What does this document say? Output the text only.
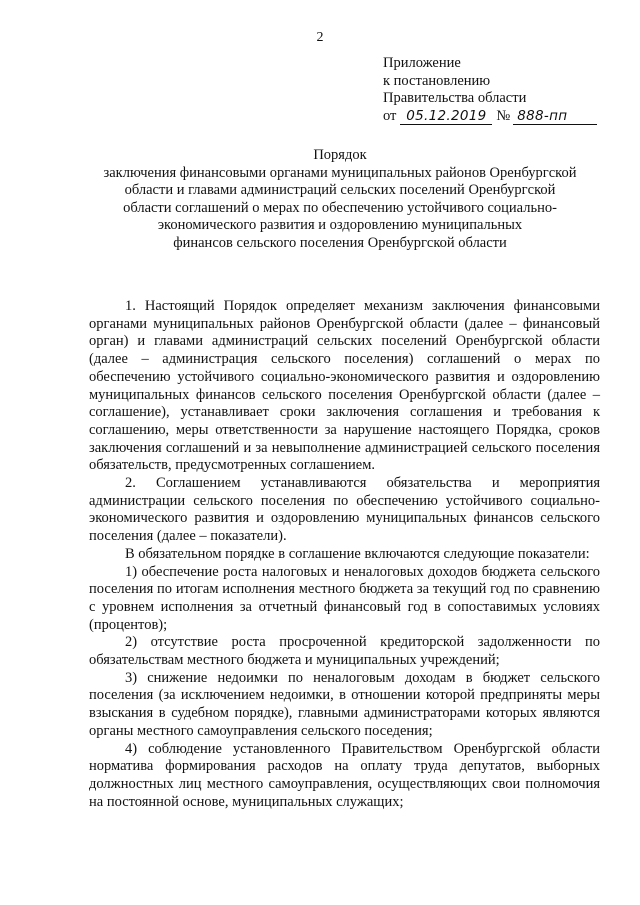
2
Приложение
к постановлению
Правительства области
от 05.12.2019 № 888-пп
Порядок
заключения финансовыми органами муниципальных районов Оренбургской
области и главами администраций сельских поселений Оренбургской
области соглашений о мерах по обеспечению устойчивого социально-
экономического развития и оздоровлению муниципальных
финансов сельского поселения Оренбургской области

1. Настоящий Порядок определяет механизм заключения финансовыми органами муниципальных районов Оренбургской области (далее – финансовый орган) и главами администраций сельских поселений Оренбургской области (далее – администрация сельского поселения) соглашений о мерах по обеспечению устойчивого социально-экономического развития и оздоровлению муниципальных финансов сельского поселения Оренбургской области (далее – соглашение), устанавливает сроки заключения соглашения и требования к соглашению, меры ответственности за нарушение настоящего Порядка, сроков заключения соглашений и за невыполнение администрацией сельского поселения обязательств, предусмотренных соглашением.

2. Соглашением устанавливаются обязательства и мероприятия администрации сельского поселения по обеспечению устойчивого социально-экономического развития и оздоровлению муниципальных финансов сельского поселения (далее – показатели).

В обязательном порядке в соглашение включаются следующие показатели:

1) обеспечение роста налоговых и неналоговых доходов бюджета сельского поселения по итогам исполнения местного бюджета за текущий год по сравнению с уровнем исполнения за отчетный финансовый год в сопоставимых условиях (процентов);

2) отсутствие роста просроченной кредиторской задолженности по обязательствам местного бюджета и муниципальных учреждений;

3) снижение недоимки по неналоговым доходам в бюджет сельского поселения (за исключением недоимки, в отношении которой предприняты меры взыскания в судебном порядке), главными администраторами которых являются органы местного самоуправления сельского поседения;

4) соблюдение установленного Правительством Оренбургской области норматива формирования расходов на оплату труда депутатов, выборных должностных лиц местного самоуправления, осуществляющих свои полномочия на постоянной основе, муниципальных служащих;
